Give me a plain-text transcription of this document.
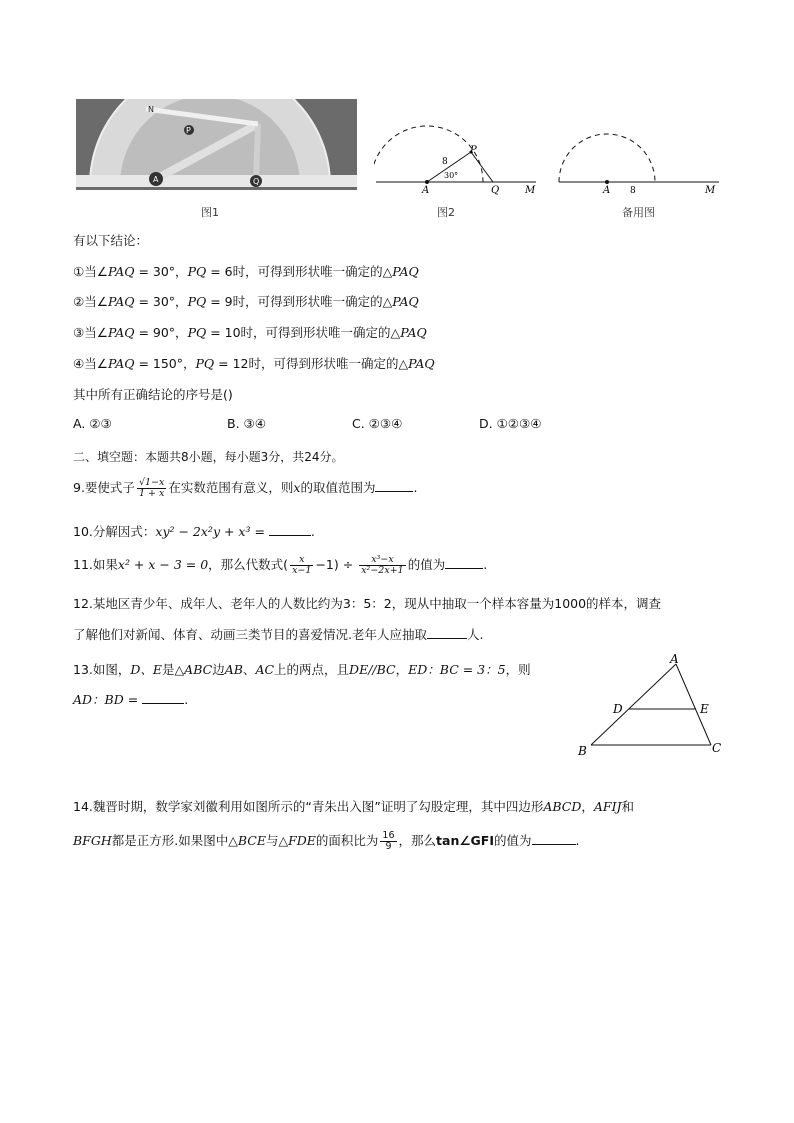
A
P
N
Q
图1
P
A	Q	M
8
30°
图2
A 8	M
备用图
有以下结论：
①当∠PAQ = 30°，PQ = 6时，可得到形状唯一确定的△PAQ
②当∠PAQ = 30°，PQ = 9时，可得到形状唯一确定的△PAQ
③当∠PAQ = 90°，PQ = 10时，可得到形状唯一确定的△PAQ
④当∠PAQ = 150°，PQ = 12时，可得到形状唯一确定的△PAQ
其中所有正确结论的序号是()
A. ②③	B. ③④	C. ②③④	D. ①②③④
二、填空题：本题共8小题，每小题3分，共24分。
9.要使式子 $\frac{√1-x}{1 + x}$ 在实数范围有意义，则x的取值范围为	.
10.分解因式：xy² − 2x²y + x³ =	.
11.如果x² + x − 3 = 0，那么代数式( $\frac{x}{x-1} -1) \div \frac{\text{x³−x}}{\text{x²−2x+1}}$ 的值为	.
12.某地区青少年、成年人、老年人的人数比约为3：5：2，现从中抽取一个样本容量为1000的样本，调查
了解他们对新闻、体育、动画三类节目的喜爱情况.老年人应抽取	人.
13.如图，D、E是△ABC边AB、AC上的两点，且DE//BC，ED：BC = 3：5，则
AD：BD =	.
A
B	C
D	E
14.魏晋时期，数学家刘徽利用如图所示的“青朱出入图”证明了勾股定理，其中四边形ABCD，AFIJ和
BFGH都是正方形.如果图中△BCE与△FDE的面积比为 $\frac{16}{9}$ ，那么tan∠GFI的值为	.
